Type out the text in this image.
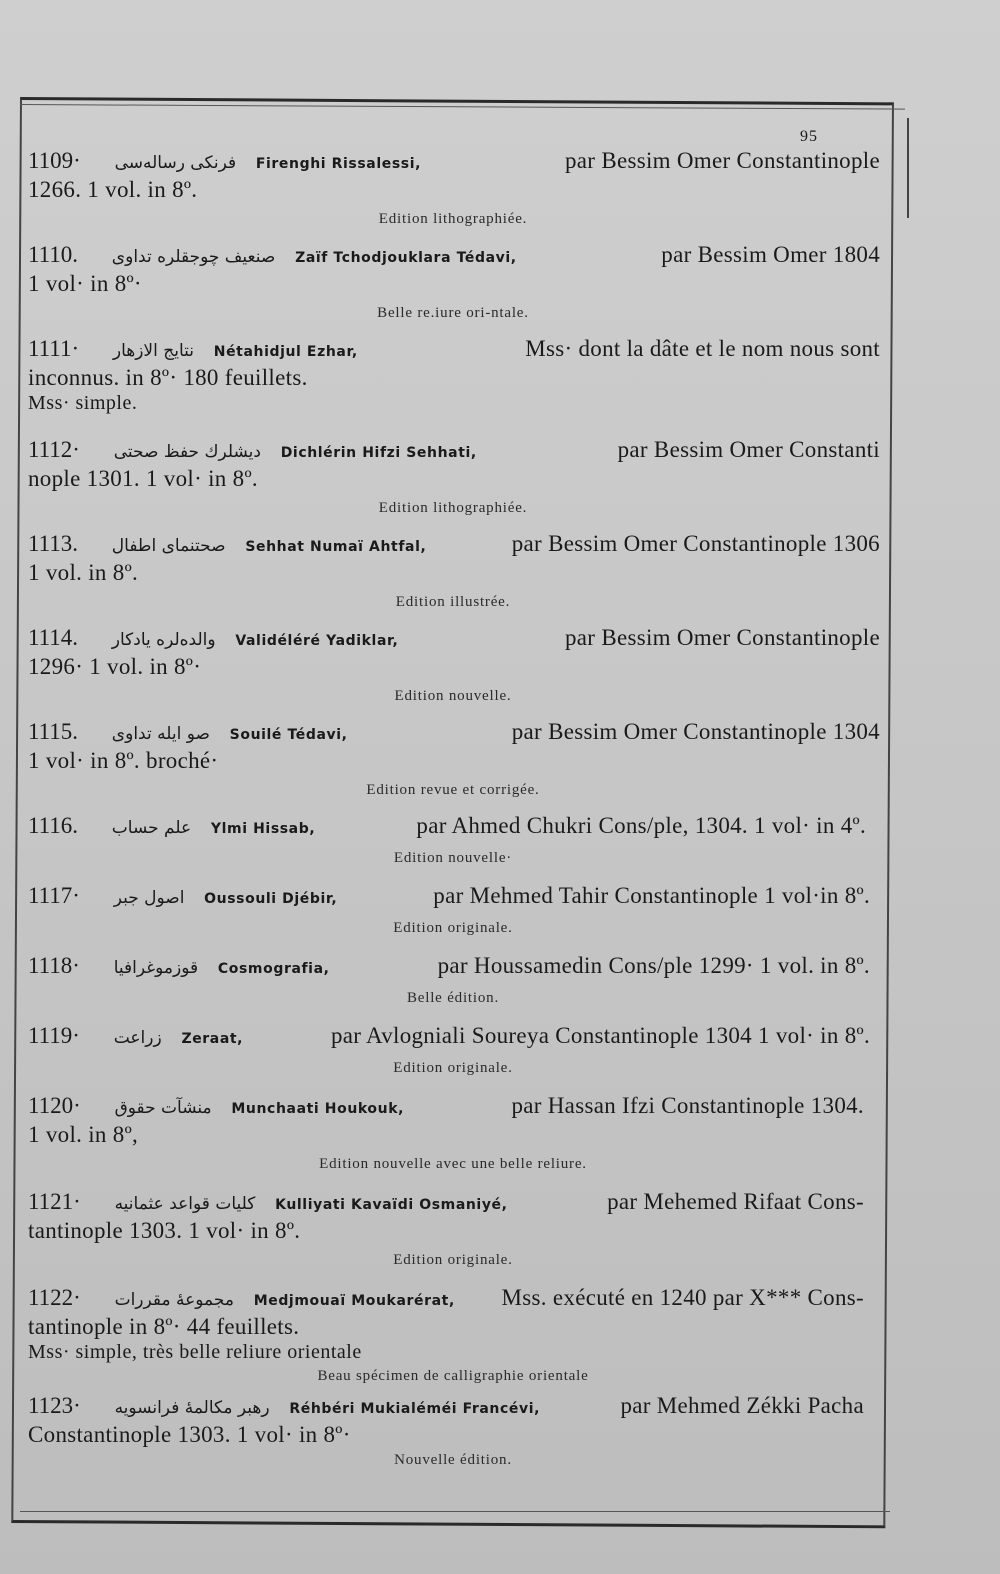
95
1109· فرنكى رسالەسى Firenghi Rissalessi,	par Bessim Omer Constantinople
1266. 1 vol. in 8º.
Edition lithographiée.
1110. صنعيف چوجقلره تداوى Zaïf Tchodjouklara Tédavi,	par Bessim Omer 1804
1 vol· in 8º·
Belle re.iure ori-ntale.
1111· نتايج الازهار Nétahidjul Ezhar,	Mss· dont la dâte et le nom nous sont
inconnus. in 8º· 180 feuillets.
Mss· simple.
1112· ديشلرك حفظ صحتى Dichlérin Hifzi Sehhati,	par Bessim Omer Constanti
nople 1301. 1 vol· in 8º.
Edition lithographiée.
1113. صحتنماى اطفال Sehhat Numaï Ahtfal,	par Bessim Omer Constantinople 1306
1 vol. in 8º.
Edition illustrée.
1114. والدەلره يادكار Validéléré Yadiklar,	par Bessim Omer Constantinople
1296· 1 vol. in 8º·
Edition nouvelle.
1115. صو ايله تداوى Souilé Tédavi,	par Bessim Omer Constantinople 1304
1 vol· in 8º. broché·
Edition revue et corrigée.
1116. علم حساب Ylmi Hissab,	par Ahmed Chukri Cons/ple, 1304. 1 vol· in 4º.
Edition nouvelle·
1117· اصول جبر Oussouli Djébir,	par Mehmed Tahir Constantinople 1 vol·in 8º.
Edition originale.
1118· قوزموغرافيا Cosmografia,	par Houssamedin Cons/ple 1299· 1 vol. in 8º.
Belle édition.
1119· زراعت Zeraat,	par Avlogniali Soureya Constantinople 1304 1 vol· in 8º.
Edition originale.
1120· منشآت حقوق Munchaati Houkouk,	par Hassan Ifzi Constantinople 1304.
1 vol. in 8º,
Edition nouvelle avec une belle reliure.
1121· كليات قواعد عثمانيه Kulliyati Kavaïdi Osmaniyé,	par Mehemed Rifaat Cons-
tantinople 1303. 1 vol· in 8º.
Edition originale.
1122· مجموعهٔ مقررات Medjmouaï Moukarérat,	Mss. exécuté en 1240 par X*** Cons-
tantinople in 8º· 44 feuillets.
Mss· simple, très belle reliure orientale
Beau spécimen de calligraphie orientale
1123· رهبر مكالمهٔ فرانسويه Réhbéri Mukialéméi Francévi,	par Mehmed Zékki Pacha
Constantinople 1303. 1 vol· in 8º·
Nouvelle édition.
